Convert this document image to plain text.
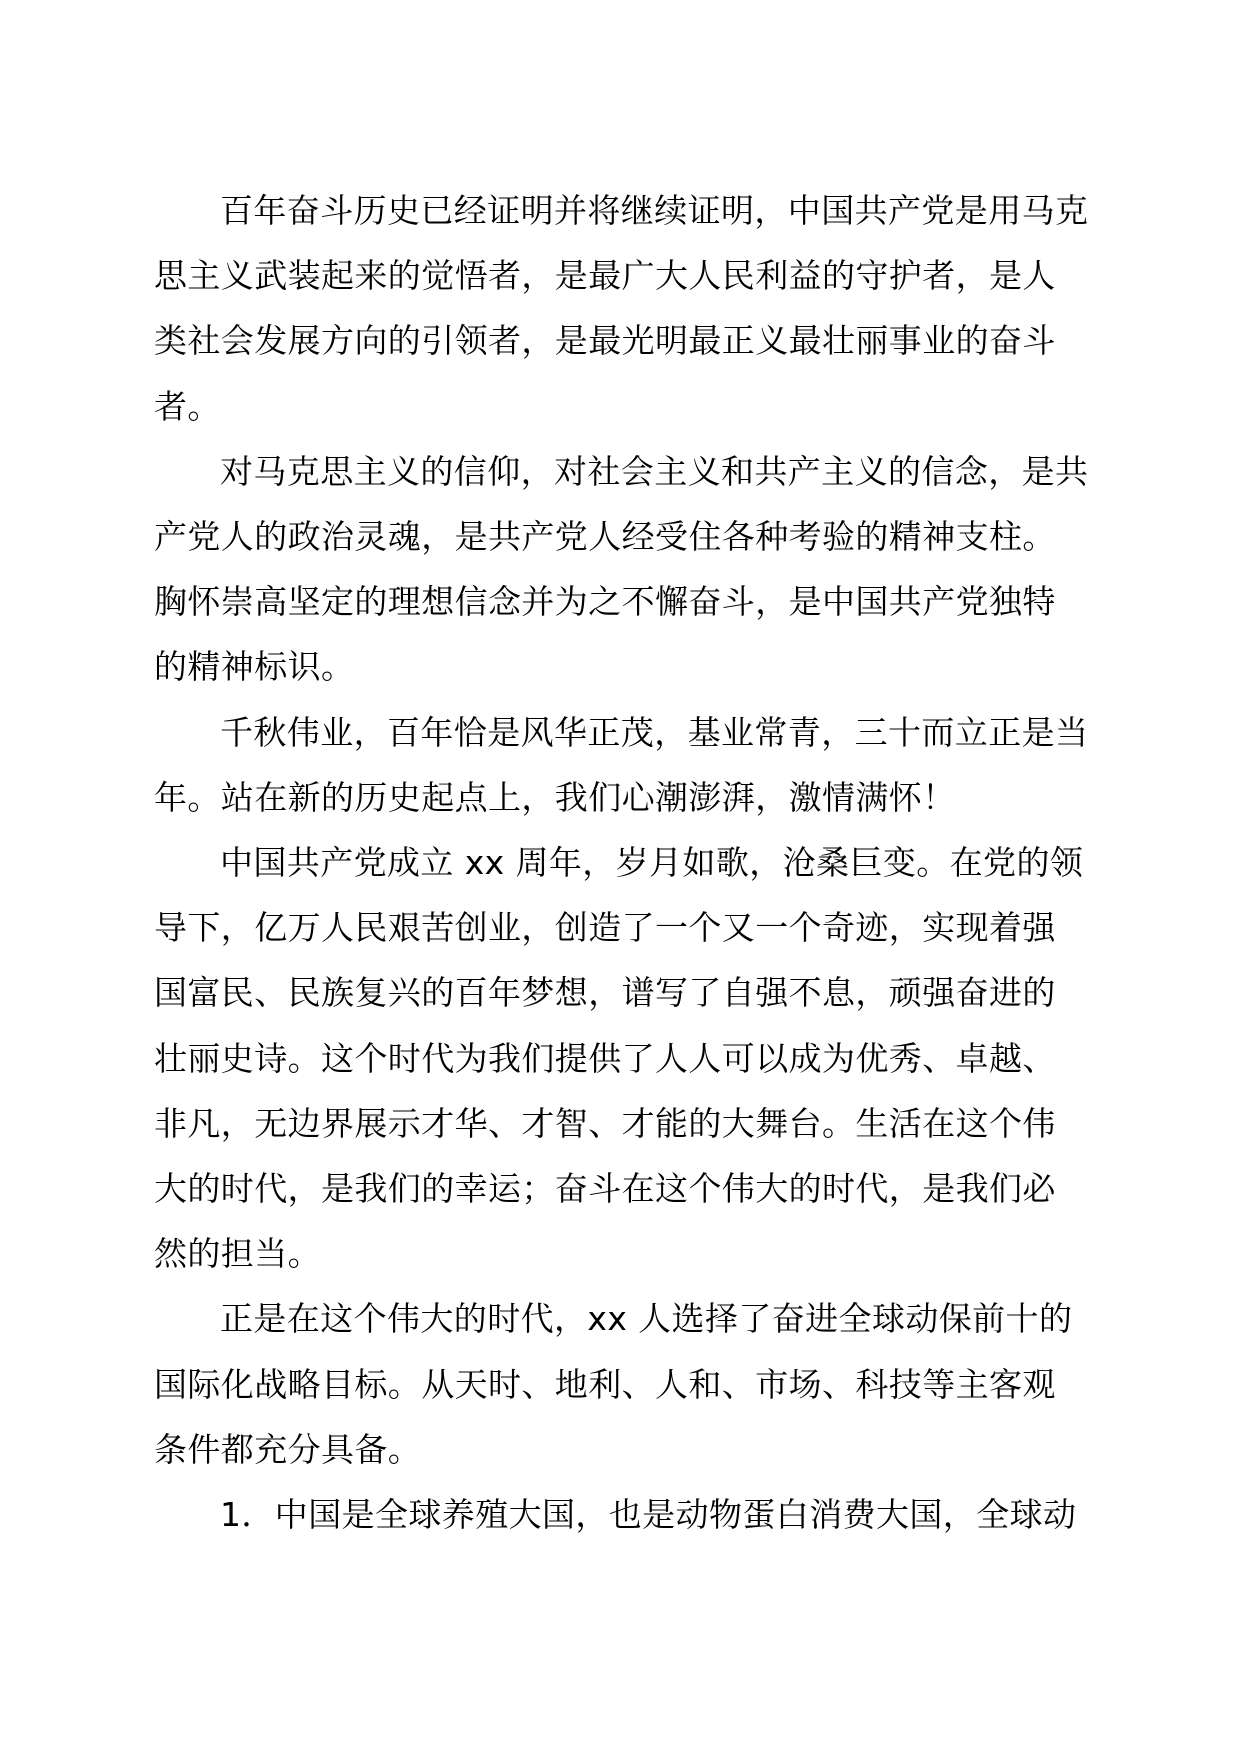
百年奋斗历史已经证明并将继续证明，中国共产党是用马克思主义武装起来的觉悟者，是最广大人民利益的守护者，是人类社会发展方向的引领者，是最光明最正义最壮丽事业的奋斗者。

对马克思主义的信仰，对社会主义和共产主义的信念，是共产党人的政治灵魂，是共产党人经受住各种考验的精神支柱。胸怀崇高坚定的理想信念并为之不懈奋斗，是中国共产党独特的精神标识。

千秋伟业，百年恰是风华正茂，基业常青，三十而立正是当年。站在新的历史起点上，我们心潮澎湃，激情满怀！

中国共产党成立 xx 周年，岁月如歌，沧桑巨变。在党的领导下，亿万人民艰苦创业，创造了一个又一个奇迹，实现着强国富民、民族复兴的百年梦想，谱写了自强不息，顽强奋进的壮丽史诗。这个时代为我们提供了人人可以成为优秀、卓越、非凡，无边界展示才华、才智、才能的大舞台。生活在这个伟大的时代，是我们的幸运；奋斗在这个伟大的时代，是我们必然的担当。

正是在这个伟大的时代，xx 人选择了奋进全球动保前十的国际化战略目标。从天时、地利、人和、市场、科技等主客观条件都充分具备。

1．中国是全球养殖大国，也是动物蛋白消费大国，全球动
